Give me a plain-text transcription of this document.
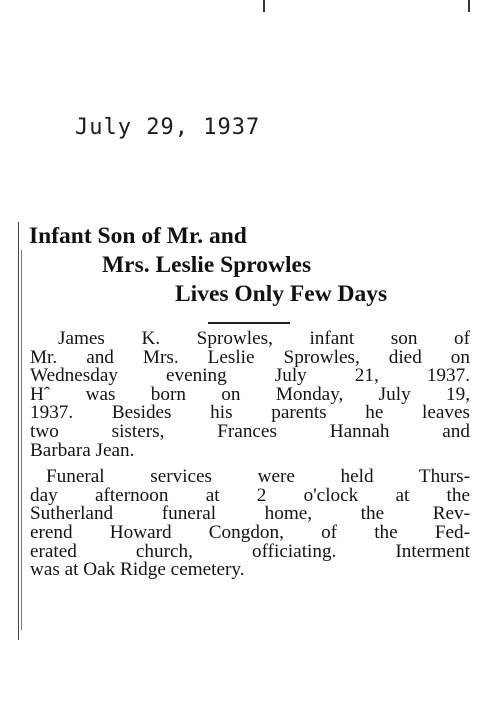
July 29, 1937
Infant Son of Mr. and
Mrs. Leslie Sprowles
Lives Only Few Days

James K. Sprowles, infant son of
Mr. and Mrs. Leslie Sprowles, died on
Wednesday evening July 21, 1937.
Hˆ was born on Monday, July 19,
1937. Besides his parents he leaves
two sisters, Frances Hannah and
Barbara Jean.

Funeral services were held Thurs-
day afternoon at 2 o'clock at the
Sutherland funeral home, the Rev-
erend Howard Congdon, of the Fed-
erated church, officiating. Interment
was at Oak Ridge cemetery.
